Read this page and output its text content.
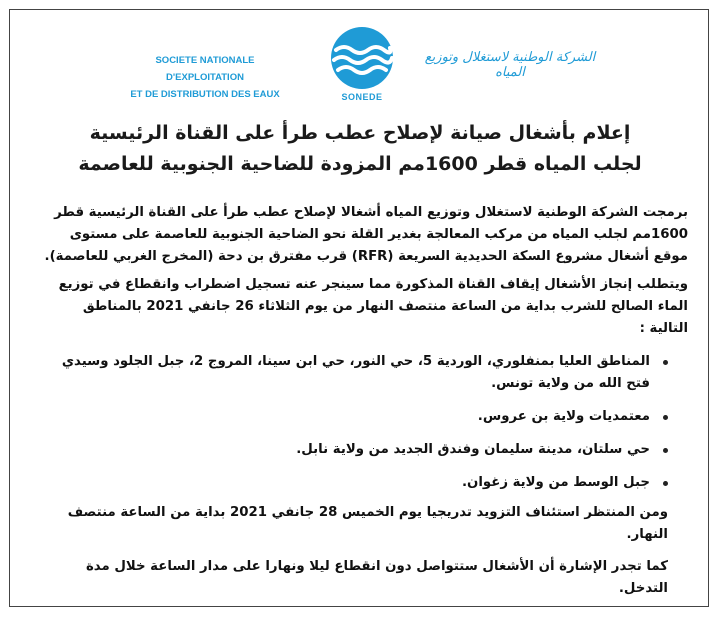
SOCIETE NATIONALE D'EXPLOITATION
ET DE DISTRIBUTION DES EAUX	SONEDE
الشركة الوطنية لاستغلال وتوزيع المياه
إعلام بأشغال صيانة لإصلاح عطب طرأ على القناة الرئيسية
لجلب المياه قطر 1600مم المزودة للضاحية الجنوبية للعاصمة

برمجت الشركة الوطنية لاستغلال وتوزيع المياه أشغالا لإصلاح عطب طرأ على القناة الرئيسية قطر 1600مم لجلب المياه من مركب المعالجة بغدير القلة نحو الضاحية الجنوبية للعاصمة على مستوى موقع أشغال مشروع السكة الحديدية السريعة (RFR) قرب مفترق بن دحة (المخرج الغربي للعاصمة).

ويتطلب إنجاز الأشغال إيقاف القناة المذكورة مما سينجر عنه تسجيل اضطراب وانقطاع في توزيع الماء الصالح للشرب بداية من الساعة منتصف النهار من يوم الثلاثاء 26 جانفي 2021 بالمناطق التالية :

المناطق العليا بمنفلوري، الوردية 5، حي النور، حي ابن سينا، المروج 2، جبل الجلود وسيدي فتح الله من ولاية تونس.
معتمديات ولاية بن عروس.
حي سلتان، مدينة سليمان وفندق الجديد من ولاية نابل.
جبل الوسط من ولاية زغوان.

ومن المنتظر استئناف التزويد تدريجيا يوم الخميس 28 جانفي 2021 بداية من الساعة منتصف النهار.

كما تجدر الإشارة أن الأشغال ستتواصل دون انقطاع ليلا ونهارا على مدار الساعة خلال مدة التدخل.
